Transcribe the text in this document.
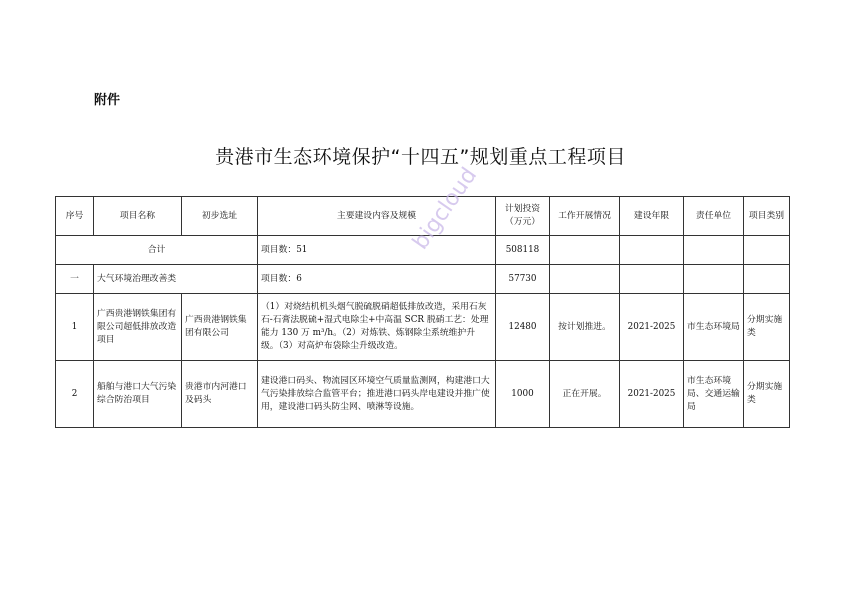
附件
贵港市生态环境保护“十四五”规划重点工程项目
序号	项目名称	初步选址	主要建设内容及规模	计划投资（万元）	工作开展情况	建设年限	责任单位	项目类别
合计			项目数：51	508118				
一	大气环境治理改善类		项目数：6	57730				
1	广西贵港钢铁集团有限公司超低排放改造项目	广西贵港钢铁集团有限公司	（1）对烧结机机头烟气脱硫脱硝超低排放改造，采用石灰石-石膏法脱硫+湿式电除尘+中高温 SCR 脱硝工艺：处理能力 130 万 m³/h。（2）对炼铁、炼钢除尘系统维护升级。（3）对高炉布袋除尘升级改造。	12480	按计划推进。	2021-2025	市生态环境局	分期实施类
2	船舶与港口大气污染综合防治项目	贵港市内河港口及码头	建设港口码头、物流园区环境空气质量监测网，构建港口大气污染排放综合监管平台；推进港口码头岸电建设并推广使用，建设港口码头防尘网、喷淋等设施。	1000	正在开展。	2021-2025	市生态环境局、交通运输局	分期实施类
bigcloud
